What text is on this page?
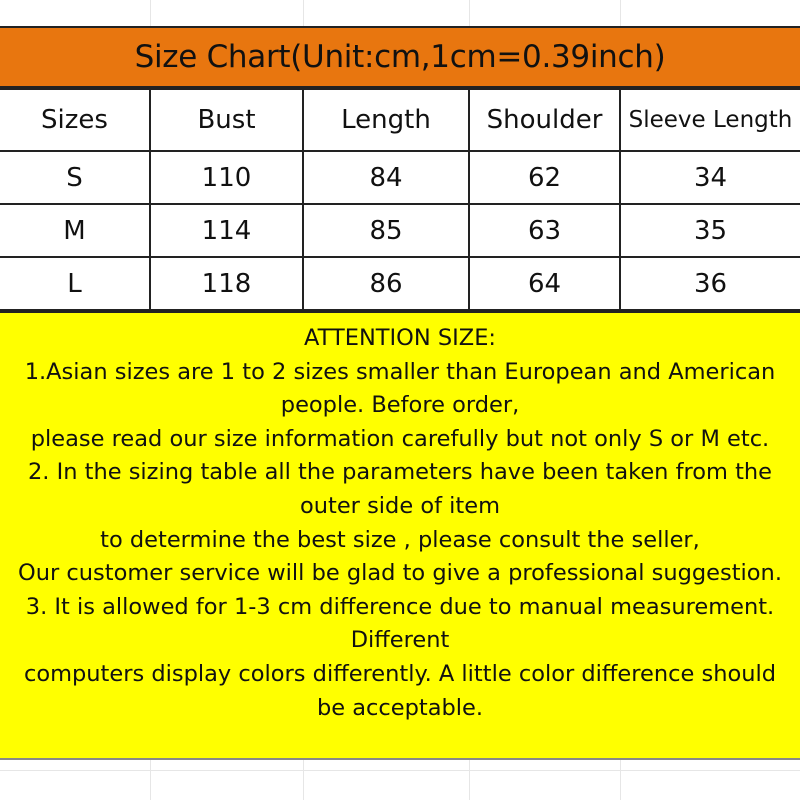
Size Chart(Unit:cm,1cm=0.39inch)
Sizes	Bust	Length	Shoulder	Sleeve Length
S	110	84	62	34
M	114	85	63	35
L	118	86	64	36
ATTENTION SIZE:
1.Asian sizes are 1 to 2 sizes smaller than European and American
people. Before order,
please read our size information carefully but not only S or M etc.
2. In the sizing table all the parameters have been taken from the
outer side of item
to determine the best size , please consult the seller,
Our customer service will be glad to give a professional suggestion.
3. It is allowed for 1-3 cm difference due to manual measurement.
Different
computers display colors differently. A little color difference should
be acceptable.
